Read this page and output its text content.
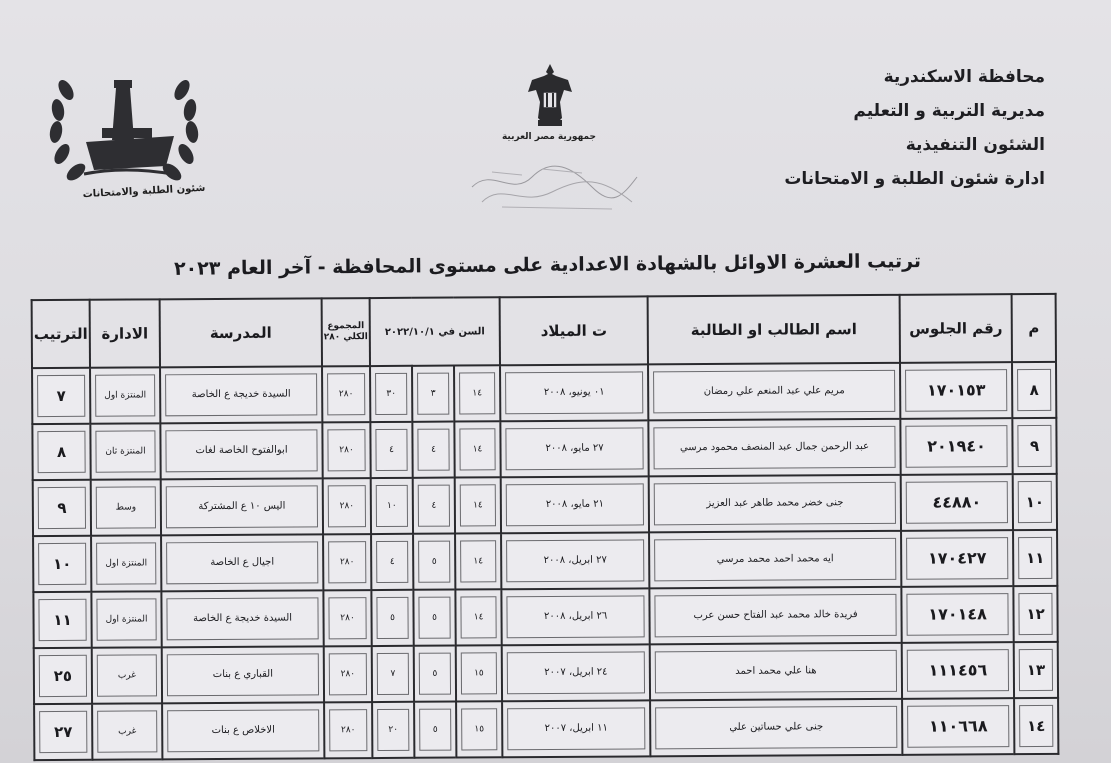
محافظة الاسكندرية
مديرية التربية و التعليم
الشئون التنفيذية
ادارة شئون الطلبة و الامتحانات
جمهورية مصر العربية
شئون الطلبة والامتحانات
ترتيب العشرة الاوائل بالشهادة الاعدادية على مستوى المحافظة - آخر العام ٢٠٢٣
م	رقم الجلوس	اسم الطالب او الطالبة	ت الميلاد	السن في ٢٠٢٢/١٠/١			المجموع الكلي ٢٨٠	المدرسة	الادارة	الترتيب

٨	١٧٠١٥٣	مريم علي عبد المنعم علي رمضان	٠١ يونيو، ٢٠٠٨	١٤	٣	٣٠	٢٨٠	السيدة خديجة ع الخاصة	المنتزة اول	٧

٩	٢٠١٩٤٠	عبد الرحمن جمال عبد المنصف محمود مرسي	٢٧ مايو، ٢٠٠٨	١٤	٤	٤	٢٨٠	ابوالفتوح الخاصة لغات	المنتزة ثان	٨

١٠	٤٤٨٨٠	جنى خضر محمد طاهر عبد العزيز	٢١ مايو، ٢٠٠٨	١٤	٤	١٠	٢٨٠	اليس ١٠ ع المشتركة	وسط	٩

١١	١٧٠٤٢٧	ايه محمد احمد محمد مرسي	٢٧ ابريل، ٢٠٠٨	١٤	٥	٤	٢٨٠	اجيال ع الخاصة	المنتزة اول	١٠

١٢	١٧٠١٤٨	فريدة خالد محمد عبد الفتاح حسن عرب	٢٦ ابريل، ٢٠٠٨	١٤	٥	٥	٢٨٠	السيدة خديجة ع الخاصة	المنتزة اول	١١

١٣	١١١٤٥٦	هنا علي محمد احمد	٢٤ ابريل، ٢٠٠٧	١٥	٥	٧	٢٨٠	القباري ع بنات	غرب	٢٥

١٤	١١٠٦٦٨	جنى علي حساتين علي	١١ ابريل، ٢٠٠٧	١٥	٥	٢٠	٢٨٠	الاخلاص ع بنات	غرب	٢٧
